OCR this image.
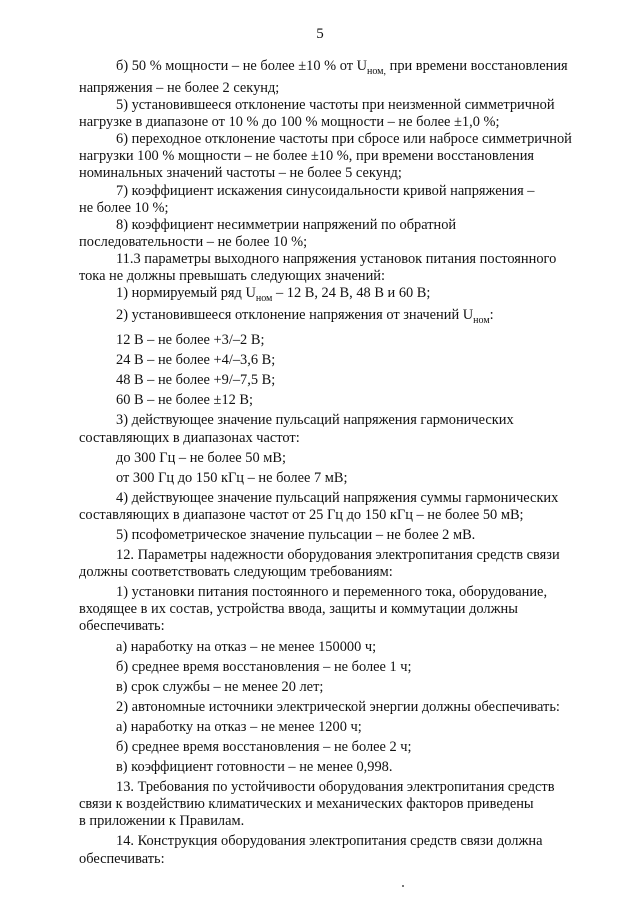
5
б) 50 % мощности – не более ±10 % от $U_{ном,}$ при времени восстановления
напряжения – не более 2 секунд;
5) установившееся отклонение частоты при неизменной симметричной
нагрузке в диапазоне от 10 % до 100 % мощности – не более ±1,0 %;
6) переходное отклонение частоты при сбросе или набросе симметричной
нагрузки 100 % мощности – не более ±10 %, при времени восстановления
номинальных значений частоты – не более 5 секунд;
7) коэффициент искажения синусоидальности кривой напряжения –
не более 10 %;
8) коэффициент несимметрии напряжений по обратной
последовательности – не более 10 %;
11.3 параметры выходного напряжения установок питания постоянного
тока не должны превышать следующих значений:
1) нормируемый ряд $U_{ном} - 12$ В, 24 В, 48 В и 60 В;
2) установившееся отклонение напряжения от значений $U_{ном}$:
12 В – не более +3/–2 В;
24 В – не более +4/–3,6 В;
48 В – не более +9/–7,5 В;
60 В – не более ±12 В;
3) действующее значение пульсаций напряжения гармонических
составляющих в диапазонах частот:
до 300 Гц – не более 50 мВ;
от 300 Гц до 150 кГц – не более 7 мВ;
4) действующее значение пульсаций напряжения суммы гармонических
составляющих в диапазоне частот от 25 Гц до 150 кГц – не более 50 мВ;
5) псофометрическое значение пульсации – не более 2 мВ.
12. Параметры надежности оборудования электропитания средств связи
должны соответствовать следующим требованиям:
1) установки питания постоянного и переменного тока, оборудование,
входящее в их состав, устройства ввода, защиты и коммутации должны
обеспечивать:
а) наработку на отказ – не менее 150000 ч;
б) среднее время восстановления – не более 1 ч;
в) срок службы – не менее 20 лет;
2) автономные источники электрической энергии должны обеспечивать:
а) наработку на отказ – не менее 1200 ч;
б) среднее время восстановления – не более 2 ч;
в) коэффициент готовности – не менее 0,998.
13. Требования по устойчивости оборудования электропитания средств
связи к воздействию климатических и механических факторов приведены
в приложении к Правилам.
14. Конструкция оборудования электропитания средств связи должна
обеспечивать:
